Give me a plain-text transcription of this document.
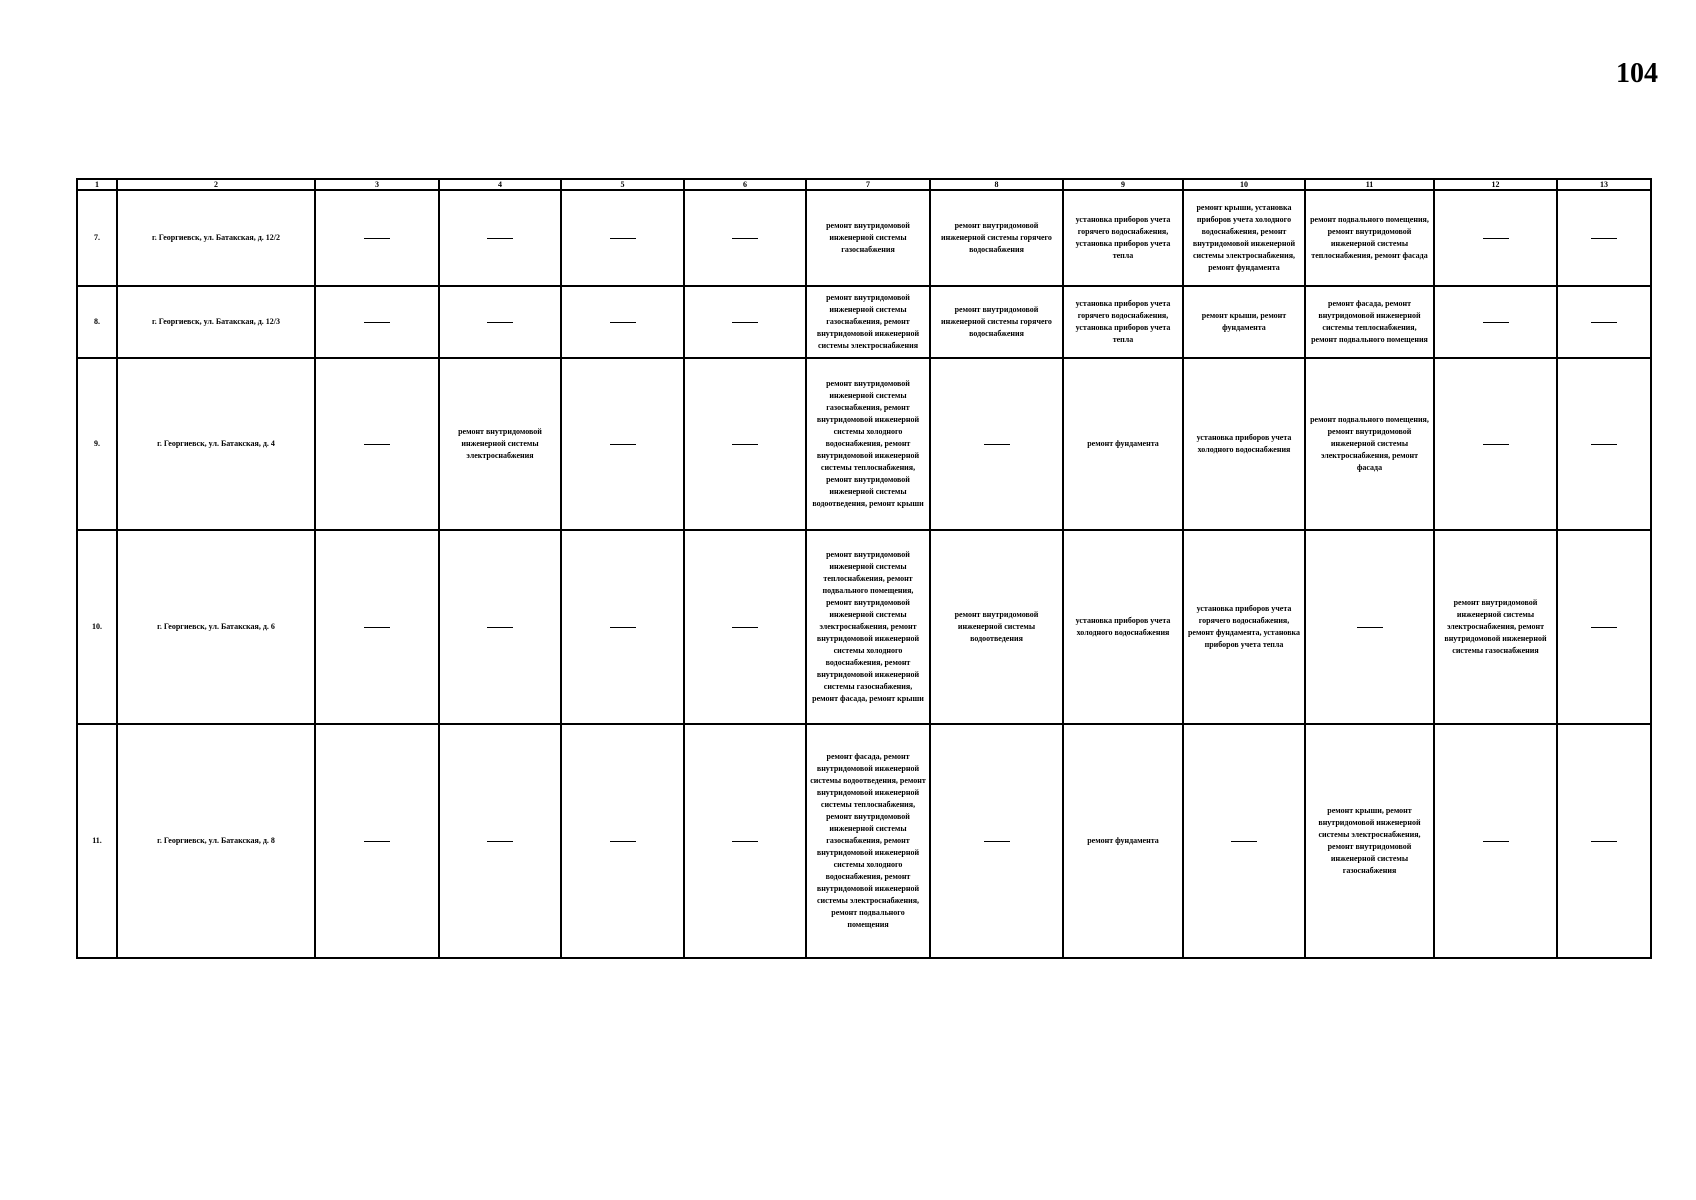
104
1	2	3	4	5	6	7	8	9	10	11	12	13
7.	г. Георгиевск, ул. Батакская, д. 12/2					ремонт внутридомовой инженерной системы газоснабжения	ремонт внутридомовой инженерной системы горячего водоснабжения	установка приборов учета горячего водоснабжения, установка приборов учета тепла	ремонт крыши, установка приборов учета холодного водоснабжения, ремонт внутридомовой инженерной системы электроснабжения, ремонт фундамента	ремонт подвального помещения, ремонт внутридомовой инженерной системы теплоснабжения, ремонт фасада		
8.	г. Георгиевск, ул. Батакская, д. 12/3					ремонт внутридомовой инженерной системы газоснабжения, ремонт внутридомовой инженерной системы электроснабжения	ремонт внутридомовой инженерной системы горячего водоснабжения	установка приборов учета горячего водоснабжения, установка приборов учета тепла	ремонт крыши, ремонт фундамента	ремонт фасада, ремонт внутридомовой инженерной системы теплоснабжения, ремонт подвального помещения		
9.	г. Георгиевск, ул. Батакская, д. 4		ремонт внутридомовой инженерной системы электроснабжения			ремонт внутридомовой инженерной системы газоснабжения, ремонт внутридомовой инженерной системы холодного водоснабжения, ремонт внутридомовой инженерной системы теплоснабжения, ремонт внутридомовой инженерной системы водоотведения, ремонт крыши		ремонт фундамента	установка приборов учета холодного водоснабжения	ремонт подвального помещения, ремонт внутридомовой инженерной системы электроснабжения, ремонт фасада		
10.	г. Георгиевск, ул. Батакская, д. 6					ремонт внутридомовой инженерной системы теплоснабжения, ремонт подвального помещения, ремонт внутридомовой инженерной системы электроснабжения, ремонт внутридомовой инженерной системы холодного водоснабжения, ремонт внутридомовой инженерной системы газоснабжения, ремонт фасада, ремонт крыши	ремонт внутридомовой инженерной системы водоотведения	установка приборов учета холодного водоснабжения	установка приборов учета горячего водоснабжения, ремонт фундамента, установка приборов учета тепла		ремонт внутридомовой инженерной системы электроснабжения, ремонт внутридомовой инженерной системы газоснабжения	
11.	г. Георгиевск, ул. Батакская, д. 8					ремонт фасада, ремонт внутридомовой инженерной системы водоотведения, ремонт внутридомовой инженерной системы теплоснабжения, ремонт внутридомовой инженерной системы газоснабжения, ремонт внутридомовой инженерной системы холодного водоснабжения, ремонт внутридомовой инженерной системы электроснабжения, ремонт подвального помещения		ремонт фундамента		ремонт крыши, ремонт внутридомовой инженерной системы электроснабжения, ремонт внутридомовой инженерной системы газоснабжения		
